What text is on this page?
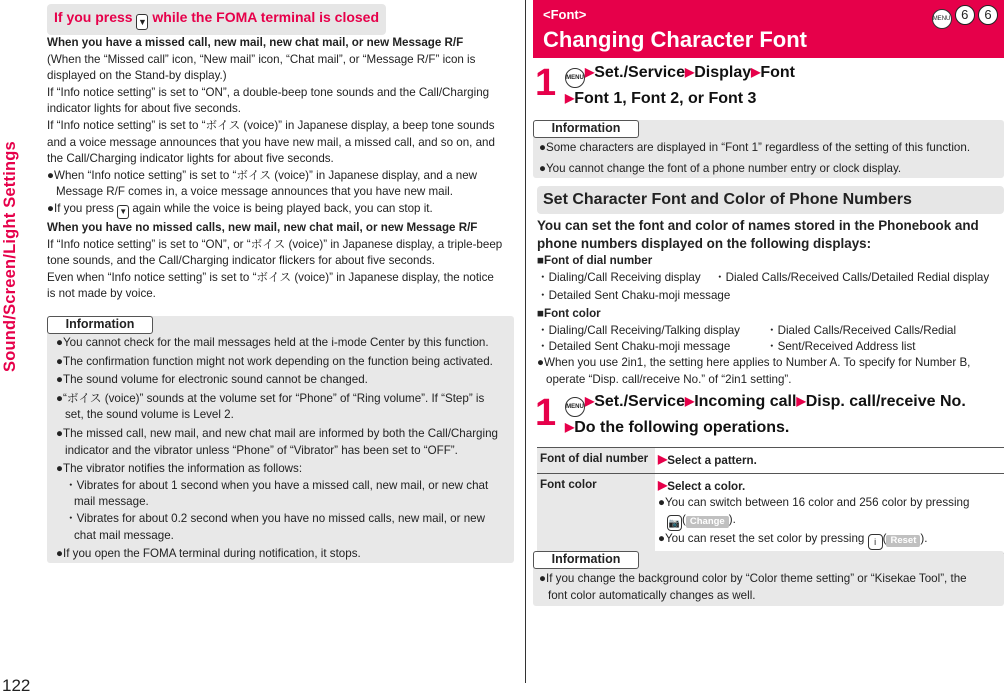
Sound/Screen/Light Settings
122
If you press ▼ while the FOMA terminal is closed

When you have a missed call, new mail, new chat mail, or new Message R/F

(When the “Missed call” icon, “New mail” icon, “Chat mail”, or “Message R/F” icon is

displayed on the Stand-by display.)

If “Info notice setting” is set to “ON”, a double-beep tone sounds and the Call/Charging

indicator lights for about five seconds.

If “Info notice setting” is set to “ボイス (voice)” in Japanese display, a beep tone sounds

and a voice message announces that you have new mail, a missed call, and so on, and

the Call/Charging indicator lights for about five seconds.

●When “Info notice setting” is set to “ボイス (voice)” in Japanese display, and a new

Message R/F comes in, a voice message announces that you have new mail.

●If you press ▼ again while the voice is being played back, you can stop it.

When you have no missed calls, new mail, new chat mail, or new Message R/F

If “Info notice setting” is set to “ON”, or “ボイス (voice)” in Japanese display, a triple-beep

tone sounds, and the Call/Charging indicator flickers for about five seconds.

Even when “Info notice setting” is set to “ボイス (voice)” in Japanese display, the notice

is not made by voice.

Information

●You cannot check for the mail messages held at the i-mode Center by this function.

●The confirmation function might not work depending on the function being activated.

●The sound volume for electronic sound cannot be changed.

●“ボイス (voice)” sounds at the volume set for “Phone” of “Ring volume”. If “Step” is

set, the sound volume is Level 2.

●The missed call, new mail, and new chat mail are informed by both the Call/Charging

indicator and the vibrator unless “Phone” of “Vibrator” has been set to “OFF”.

●The vibrator notifies the information as follows:

・Vibrates for about 1 second when you have a missed call, new mail, or new chat

mail message.

・Vibrates for about 0.2 second when you have no missed calls, new mail, or new

chat mail message.

●If you open the FOMA terminal during notification, it stops.

<Font>
Changing Character Font
MENU 6 6
1 MENU▶Set./Service▶Display▶Font

▶Font 1, Font 2, or Font 3

Information

●Some characters are displayed in “Font 1” regardless of the setting of this function.

●You cannot change the font of a phone number entry or clock display.

Set Character Font and Color of Phone Numbers

You can set the font and color of names stored in the Phonebook and

phone numbers displayed on the following displays:

■Font of dial number

・Dialing/Call Receiving display ・Dialed Calls/Received Calls/Detailed Redial display

・Detailed Sent Chaku-moji message

■Font color

・Dialing/Call Receiving/Talking display ・Dialed Calls/Received Calls/Redial

・Detailed Sent Chaku-moji message	・Sent/Received Address list

●When you use 2in1, the setting here applies to Number A. To specify for Number B,

operate “Disp. call/receive No.” of “2in1 setting”.

1 MENU▶Set./Service▶Incoming call▶Disp. call/receive No.

▶Do the following operations.

Font of dial number	▶Select a pattern.
Font color	▶Select a color.

●You can switch between 16 color and 256 color by pressing

📷 ( Change ).

●You can reset the set color by pressing i ( Reset ).

Information

●If you change the background color by “Color theme setting” or “Kisekae Tool”, the

font color automatically changes as well.
